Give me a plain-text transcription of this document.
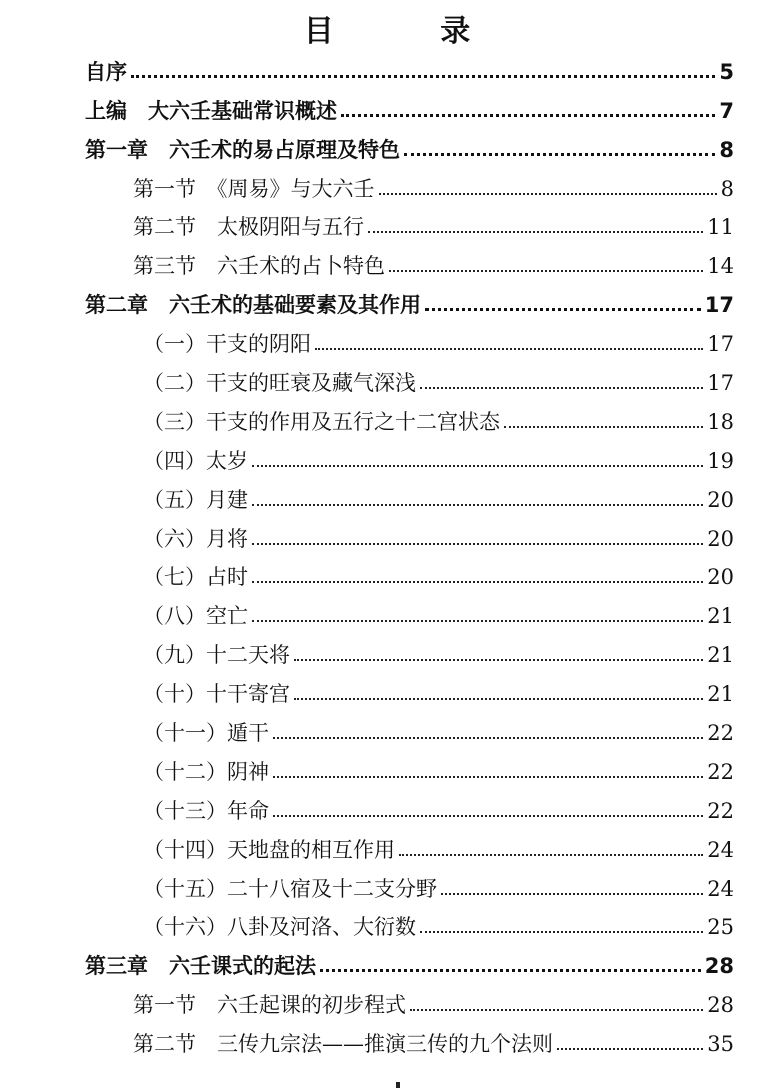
目 录
自序	5
上编　大六壬基础常识概述	7
第一章　六壬术的易占原理及特色	8
第一节　《周易》与大六壬	8
第二节　太极阴阳与五行	11
第三节　六壬术的占卜特色	14
第二章　六壬术的基础要素及其作用	17
（一）干支的阴阳	17
（二）干支的旺衰及藏气深浅	17
（三）干支的作用及五行之十二宫状态	18
（四）太岁	19
（五）月建	20
（六）月将	20
（七）占时	20
（八）空亡	21
（九）十二天将	21
（十）十干寄宫	21
（十一）遁干	22
（十二）阴神	22
（十三）年命	22
（十四）天地盘的相互作用	24
（十五）二十八宿及十二支分野	24
（十六）八卦及河洛、大衍数	25
第三章　六壬课式的起法	28
第一节　六壬起课的初步程式	28
第二节　三传九宗法——推演三传的九个法则	35
